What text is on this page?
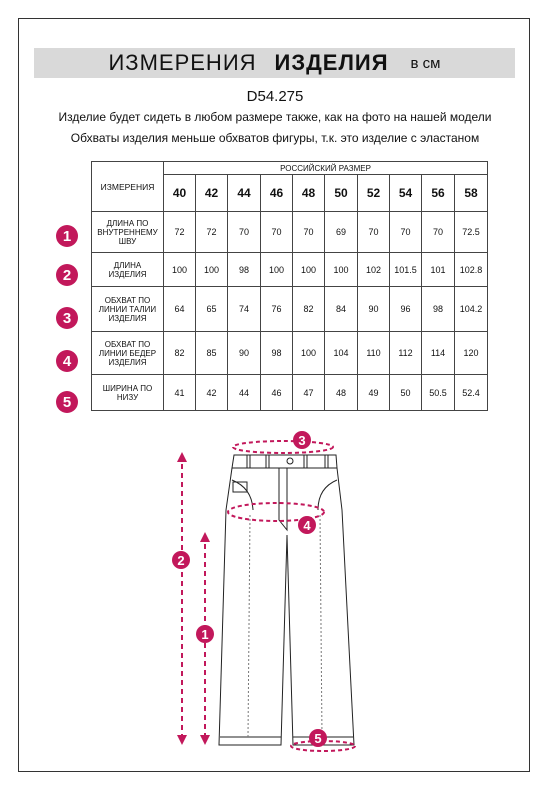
ИЗМЕРЕНИЯ ИЗДЕЛИЯ в см
D54.275
Изделие будет сидеть в любом размере также, как на фото на нашей модели
Обхваты изделия меньше обхватов фигуры, т.к. это изделие с эластаном
ИЗМЕРЕНИЯ	РОССИЙСКИЙ РАЗМЕР									
	40	42	44	46	48	50	52	54	56	58
ДЛИНА ПО ВНУТРЕННЕМУ ШВУ	72	72	70	70	70	69	70	70	70	72.5
ДЛИНА ИЗДЕЛИЯ	100	100	98	100	100	100	102	101.5	101	102.8
ОБХВАТ ПО ЛИНИИ ТАЛИИ ИЗДЕЛИЯ	64	65	74	76	82	84	90	96	98	104.2
ОБХВАТ ПО ЛИНИИ БЕДЕР ИЗДЕЛИЯ	82	85	90	98	100	104	110	112	114	120
ШИРИНА ПО НИЗУ	41	42	44	46	47	48	49	50	50.5	52.4
1
2
3
4
5
3
4
2
1
5
